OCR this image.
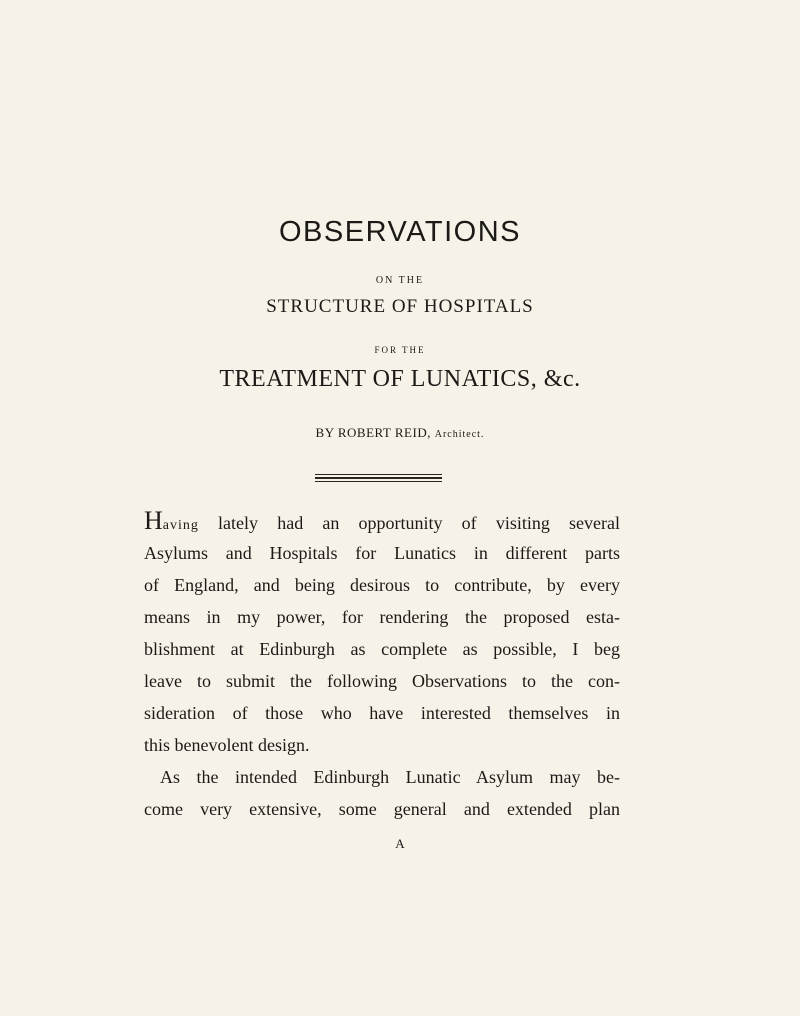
OBSERVATIONS
ON THE
STRUCTURE OF HOSPITALS
FOR THE
TREATMENT OF LUNATICS, &c.
BY ROBERT REID, Architect.
Having lately had an opportunity of visiting several
Asylums and Hospitals for Lunatics in different parts
of England, and being desirous to contribute, by every
means in my power, for rendering the proposed esta-
blishment at Edinburgh as complete as possible, I beg
leave to submit the following Observations to the con-
sideration of those who have interested themselves in
this benevolent design.
As the intended Edinburgh Lunatic Asylum may be-
come very extensive, some general and extended plan
A
